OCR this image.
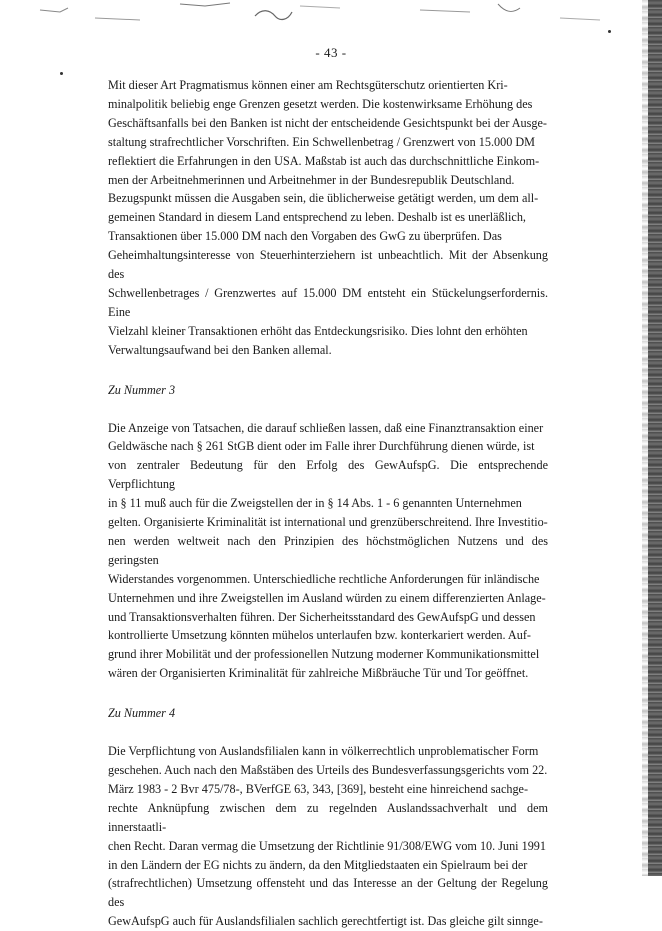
- 43 -

Mit dieser Art Pragmatismus können einer am Rechtsgüterschutz orientierten Kri-
minalpolitik beliebig enge Grenzen gesetzt werden. Die kostenwirksame Erhöhung des
Geschäftsanfalls bei den Banken ist nicht der entscheidende Gesichtspunkt bei der Ausge-
staltung strafrechtlicher Vorschriften. Ein Schwellenbetrag / Grenzwert von 15.000 DM
reflektiert die Erfahrungen in den USA. Maßstab ist auch das durchschnittliche Einkom-
men der Arbeitnehmerinnen und Arbeitnehmer in der Bundesrepublik Deutschland.
Bezugspunkt müssen die Ausgaben sein, die üblicherweise getätigt werden, um dem all-
gemeinen Standard in diesem Land entsprechend zu leben. Deshalb ist es unerläßlich,
Transaktionen über 15.000 DM nach den Vorgaben des GwG zu überprüfen. Das
Geheimhaltungsinteresse von Steuerhinterziehern ist unbeachtlich. Mit der Absenkung des
Schwellenbetrages / Grenzwertes auf 15.000 DM entsteht ein Stückelungserfordernis. Eine
Vielzahl kleiner Transaktionen erhöht das Entdeckungsrisiko. Dies lohnt den erhöhten
Verwaltungsaufwand bei den Banken allemal.

Zu Nummer 3

Die Anzeige von Tatsachen, die darauf schließen lassen, daß eine Finanztransaktion einer
Geldwäsche nach § 261 StGB dient oder im Falle ihrer Durchführung dienen würde, ist
von zentraler Bedeutung für den Erfolg des GewAufspG. Die entsprechende Verpflichtung
in § 11 muß auch für die Zweigstellen der in § 14 Abs. 1 - 6 genannten Unternehmen
gelten. Organisierte Kriminalität ist international und grenzüberschreitend. Ihre Investitio-
nen werden weltweit nach den Prinzipien des höchstmöglichen Nutzens und des geringsten
Widerstandes vorgenommen. Unterschiedliche rechtliche Anforderungen für inländische
Unternehmen und ihre Zweigstellen im Ausland würden zu einem differenzierten Anlage-
und Transaktionsverhalten führen. Der Sicherheitsstandard des GewAufspG und dessen
kontrollierte Umsetzung könnten mühelos unterlaufen bzw. konterkariert werden. Auf-
grund ihrer Mobilität und der professionellen Nutzung moderner Kommunikationsmittel
wären der Organisierten Kriminalität für zahlreiche Mißbräuche Tür und Tor geöffnet.

Zu Nummer 4

Die Verpflichtung von Auslandsfilialen kann in völkerrechtlich unproblematischer Form
geschehen. Auch nach den Maßstäben des Urteils des Bundesverfassungsgerichts vom 22.
März 1983 - 2 Bvr 475/78-, BVerfGE 63, 343, [369], besteht eine hinreichend sachge-
rechte Anknüpfung zwischen dem zu regelnden Auslandssachverhalt und dem innerstaatli-
chen Recht. Daran vermag die Umsetzung der Richtlinie 91/308/EWG vom 10. Juni 1991
in den Ländern der EG nichts zu ändern, da den Mitgliedstaaten ein Spielraum bei der
(strafrechtlichen) Umsetzung offensteht und das Interesse an der Geltung der Regelung des
GewAufspG auch für Auslandsfilialen sachlich gerechtfertigt ist. Das gleiche gilt sinnge-
